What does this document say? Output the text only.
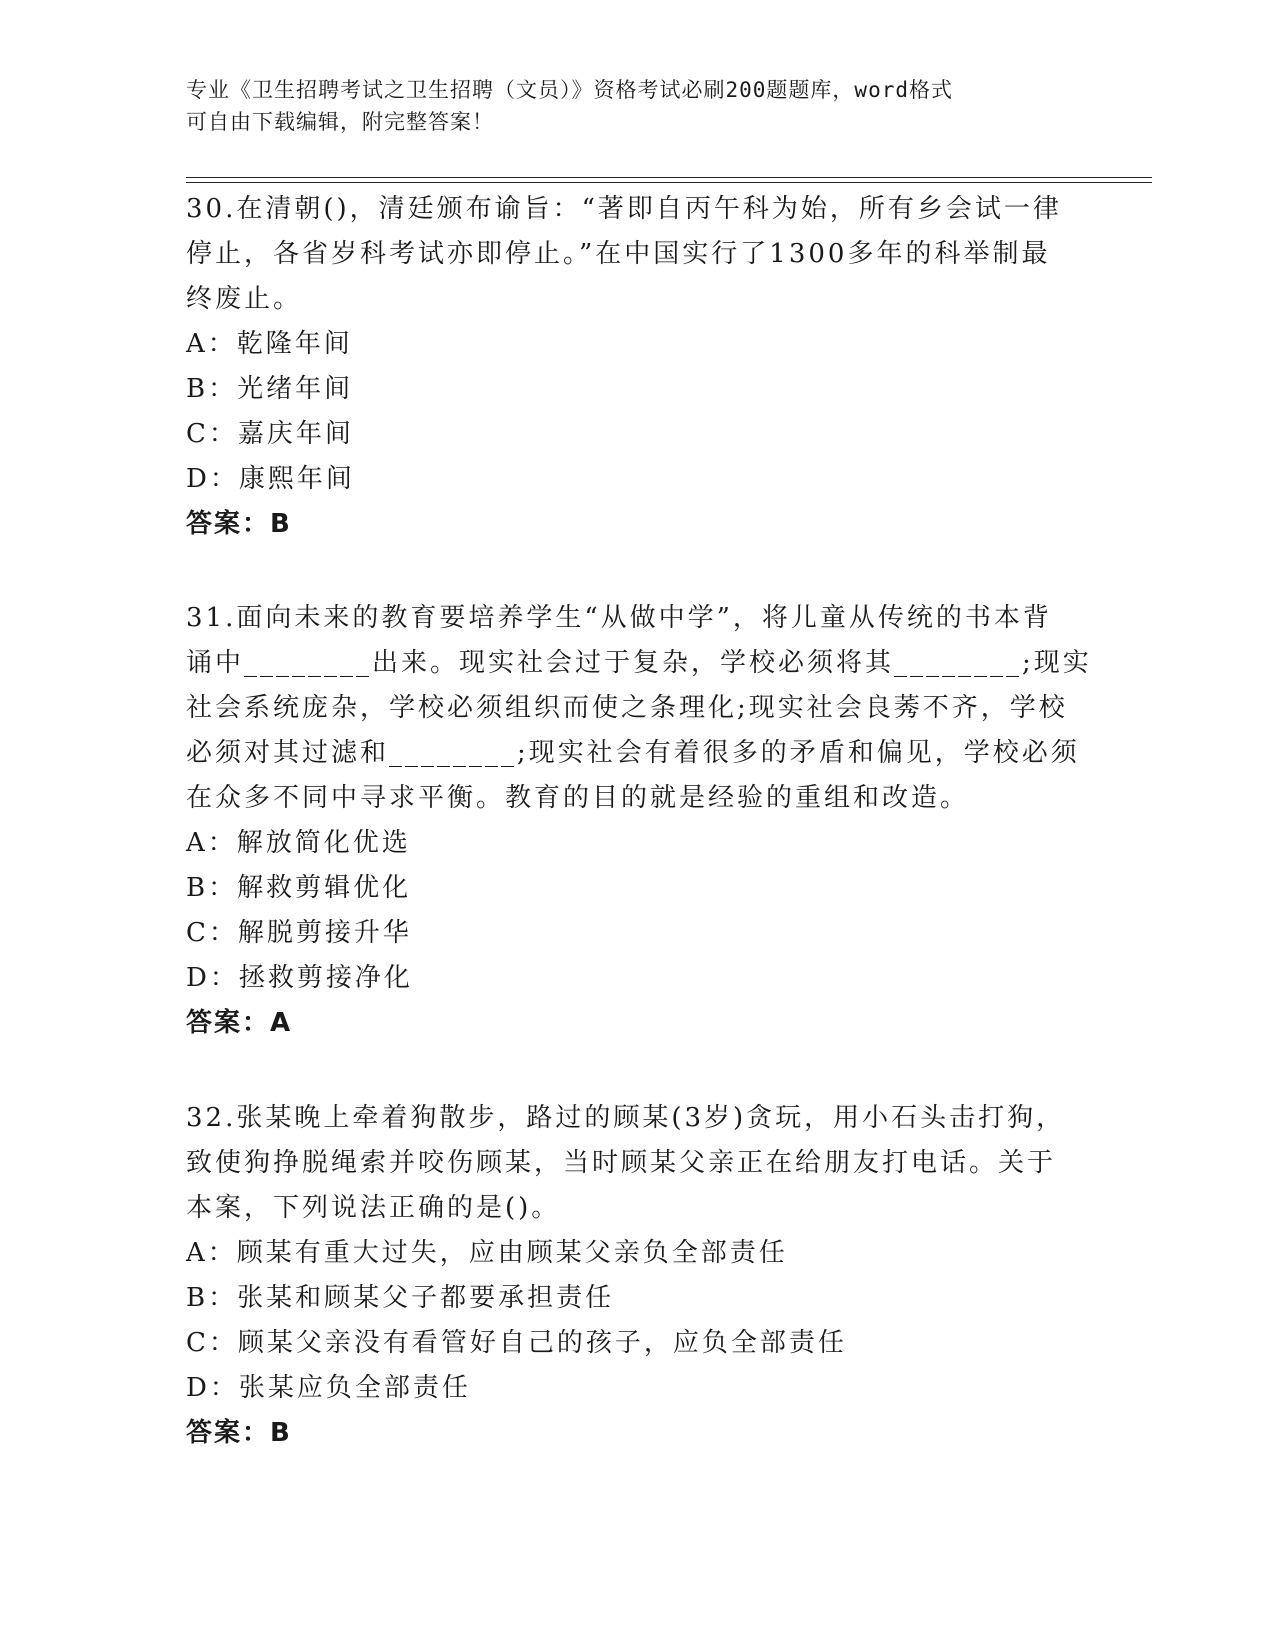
专业《卫生招聘考试之卫生招聘（文员）》资格考试必刷200题题库，word格式
可自由下载编辑，附完整答案！
30.在清朝()，清廷颁布谕旨：“著即自丙午科为始，所有乡会试一律
停止，各省岁科考试亦即停止。”在中国实行了1300多年的科举制最
终废止。
A：乾隆年间
B：光绪年间
C：嘉庆年间
D：康熙年间
答案：B
31.面向未来的教育要培养学生“从做中学”，将儿童从传统的书本背
诵中________出来。现实社会过于复杂，学校必须将其________;现实
社会系统庞杂，学校必须组织而使之条理化;现实社会良莠不齐，学校
必须对其过滤和________;现实社会有着很多的矛盾和偏见，学校必须
在众多不同中寻求平衡。教育的目的就是经验的重组和改造。
A：解放简化优选
B：解救剪辑优化
C：解脱剪接升华
D：拯救剪接净化
答案：A
32.张某晚上牵着狗散步，路过的顾某(3岁)贪玩，用小石头击打狗，
致使狗挣脱绳索并咬伤顾某，当时顾某父亲正在给朋友打电话。关于
本案，下列说法正确的是()。
A：顾某有重大过失，应由顾某父亲负全部责任
B：张某和顾某父子都要承担责任
C：顾某父亲没有看管好自己的孩子，应负全部责任
D：张某应负全部责任
答案：B
